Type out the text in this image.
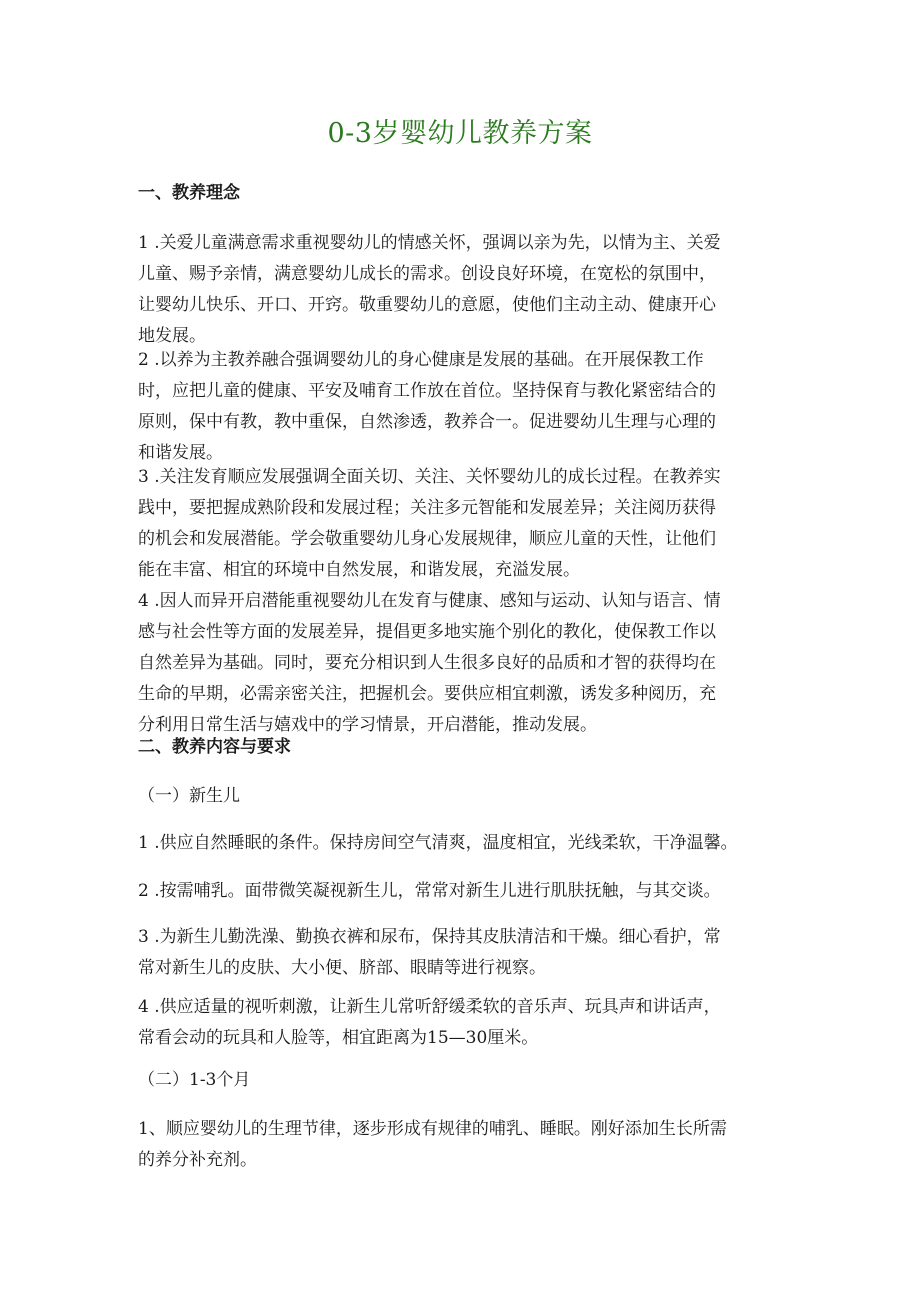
0-3岁婴幼儿教养方案
一、教养理念
1 .关爱儿童满意需求重视婴幼儿的情感关怀，强调以亲为先，以情为主、关爱
儿童、赐予亲情，满意婴幼儿成长的需求。创设良好环境，在宽松的氛围中，
让婴幼儿快乐、开口、开窍。敬重婴幼儿的意愿，使他们主动主动、健康开心
地发展。
2 .以养为主教养融合强调婴幼儿的身心健康是发展的基础。在开展保教工作
时，应把儿童的健康、平安及哺育工作放在首位。坚持保育与教化紧密结合的
原则，保中有教，教中重保，自然渗透，教养合一。促进婴幼儿生理与心理的
和谐发展。
3 .关注发育顺应发展强调全面关切、关注、关怀婴幼儿的成长过程。在教养实
践中，要把握成熟阶段和发展过程；关注多元智能和发展差异；关注阅历获得
的机会和发展潜能。学会敬重婴幼儿身心发展规律，顺应儿童的天性，让他们
能在丰富、相宜的环境中自然发展，和谐发展，充溢发展。
4 .因人而异开启潜能重视婴幼儿在发育与健康、感知与运动、认知与语言、情
感与社会性等方面的发展差异，提倡更多地实施个别化的教化，使保教工作以
自然差异为基础。同时，要充分相识到人生很多良好的品质和才智的获得均在
生命的早期，必需亲密关注，把握机会。要供应相宜刺激，诱发多种阅历，充
分利用日常生活与嬉戏中的学习情景，开启潜能，推动发展。
二、教养内容与要求
（一）新生儿
1 .供应自然睡眠的条件。保持房间空气清爽，温度相宜，光线柔软，干净温馨。
2 .按需哺乳。面带微笑凝视新生儿，常常对新生儿进行肌肤抚触，与其交谈。
3 .为新生儿勤洗澡、勤换衣裤和尿布，保持其皮肤清洁和干燥。细心看护，常
常对新生儿的皮肤、大小便、脐部、眼睛等进行视察。
4 .供应适量的视听刺激，让新生儿常听舒缓柔软的音乐声、玩具声和讲话声，
常看会动的玩具和人脸等，相宜距离为15—30厘米。
（二）1-3个月
1、顺应婴幼儿的生理节律，逐步形成有规律的哺乳、睡眠。刚好添加生长所需
的养分补充剂。
